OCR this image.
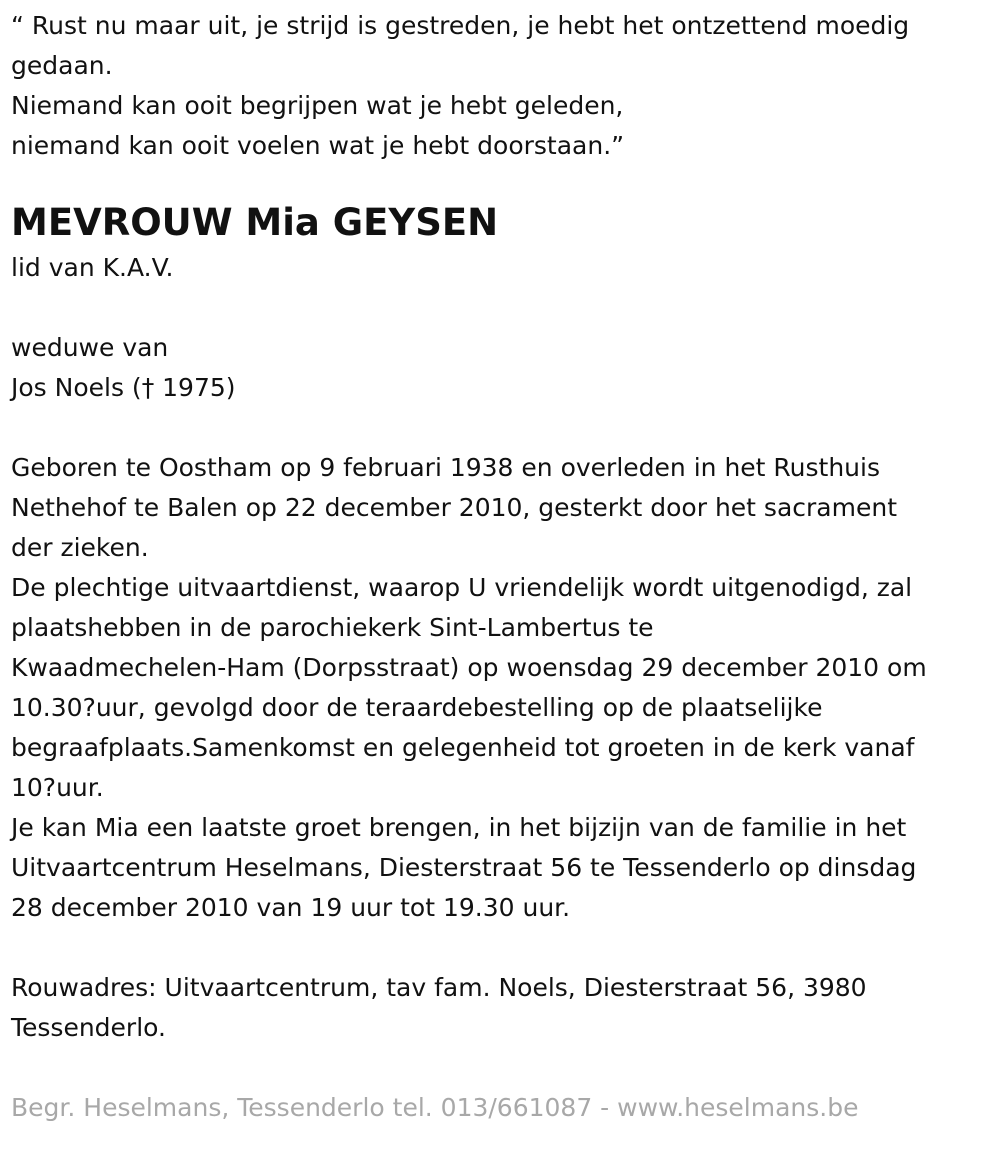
“ Rust nu maar uit, je strijd is gestreden, je hebt het ontzettend moedig

gedaan.

Niemand kan ooit begrijpen wat je hebt geleden,

niemand kan ooit voelen wat je hebt doorstaan.”

MEVROUW Mia GEYSEN

lid van K.A.V.

weduwe van

Jos Noels († 1975)

Geboren te Oostham op 9 februari 1938 en overleden in het Rusthuis

Nethehof te Balen op 22 december 2010, gesterkt door het sacrament

der zieken.

De plechtige uitvaartdienst, waarop U vriendelijk wordt uitgenodigd, zal

plaatshebben in de parochiekerk Sint-Lambertus te

Kwaadmechelen-Ham (Dorpsstraat) op woensdag 29 december 2010 om

10.30?uur, gevolgd door de teraardebestelling op de plaatselijke

begraafplaats.Samenkomst en gelegenheid tot groeten in de kerk vanaf

10?uur.

Je kan Mia een laatste groet brengen, in het bijzijn van de familie in het

Uitvaartcentrum Heselmans, Diesterstraat 56 te Tessenderlo op dinsdag

28 december 2010 van 19 uur tot 19.30 uur.

Rouwadres: Uitvaartcentrum, tav fam. Noels, Diesterstraat 56, 3980

Tessenderlo.

Begr. Heselmans, Tessenderlo tel. 013/661087 - www.heselmans.be
